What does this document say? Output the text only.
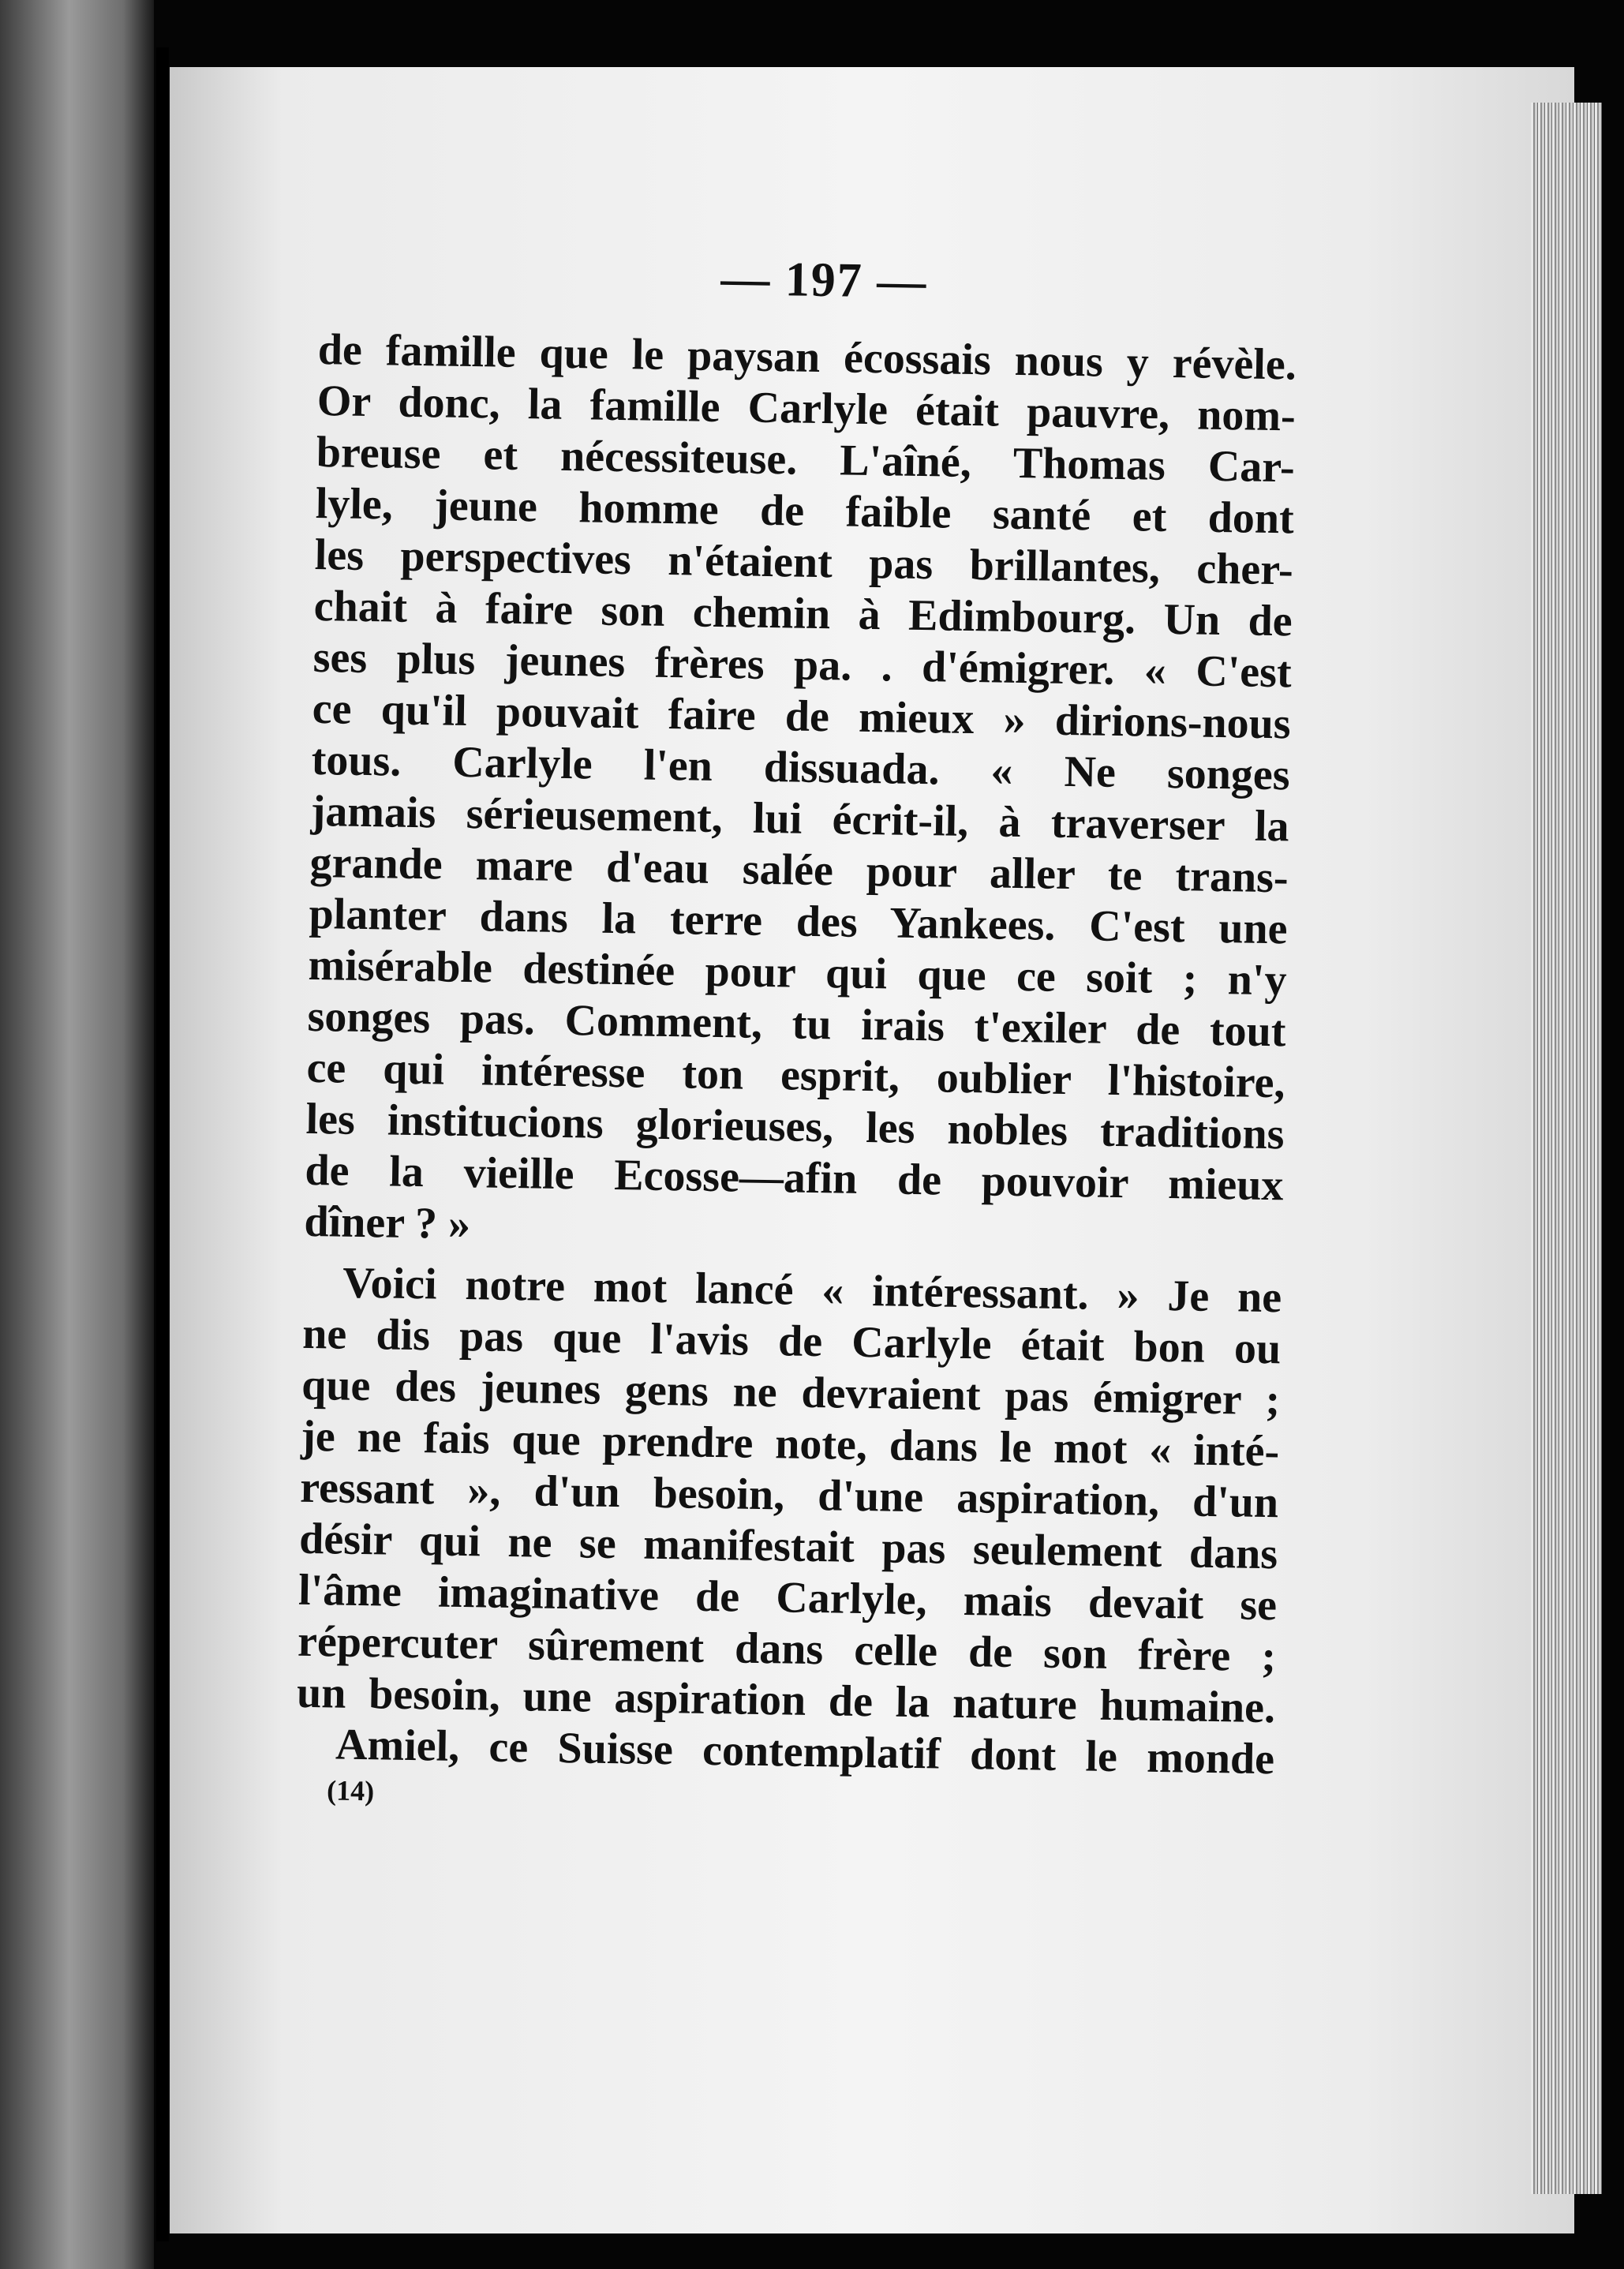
— 197 —
de famille que le paysan écossais nous y révèle.
Or donc, la famille Carlyle était pauvre, nom-
breuse et nécessiteuse. L'aîné, Thomas Car-
lyle, jeune homme de faible santé et dont
les perspectives n'étaient pas brillantes, cher-
chait à faire son chemin à Edimbourg. Un de
ses plus jeunes frères pa. . d'émigrer. « C'est
ce qu'il pouvait faire de mieux » dirions-nous
tous. Carlyle l'en dissuada. « Ne songes
jamais sérieusement, lui écrit-il, à traverser la
grande mare d'eau salée pour aller te trans-
planter dans la terre des Yankees. C'est une
misérable destinée pour qui que ce soit ; n'y
songes pas. Comment, tu irais t'exiler de tout
ce qui intéresse ton esprit, oublier l'histoire,
les institucions glorieuses, les nobles traditions
de la vieille Ecosse—afin de pouvoir mieux
dîner ? »
Voici notre mot lancé « intéressant. » Je ne
ne dis pas que l'avis de Carlyle était bon ou
que des jeunes gens ne devraient pas émigrer ;
je ne fais que prendre note, dans le mot « inté-
ressant », d'un besoin, d'une aspiration, d'un
désir qui ne se manifestait pas seulement dans
l'âme imaginative de Carlyle, mais devait se
répercuter sûrement dans celle de son frère ;
un besoin, une aspiration de la nature humaine.
Amiel, ce Suisse contemplatif dont le monde
(14)
